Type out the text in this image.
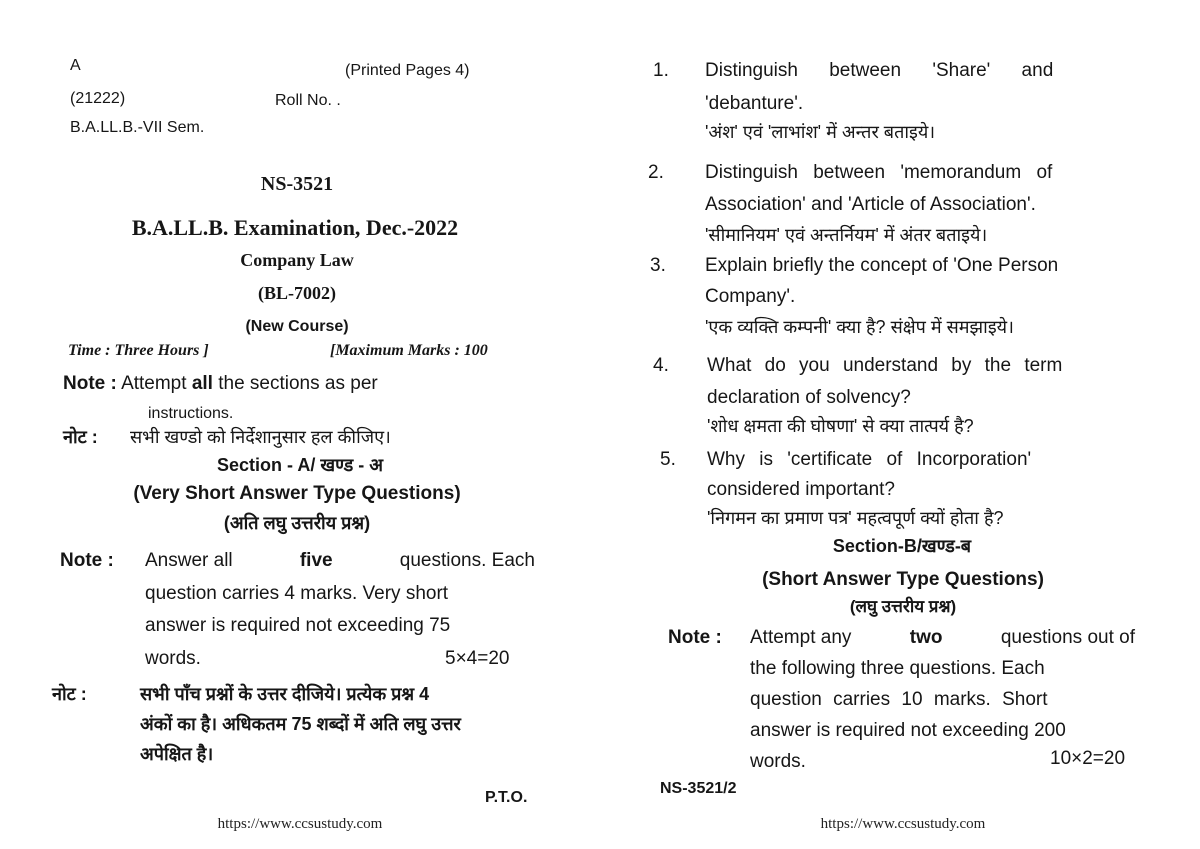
A	(Printed Pages 4)
(21222)	Roll No. .
B.A.LL.B.-VII Sem.
NS-3521
B.A.LL.B. Examination, Dec.-2022
Company Law
(BL-7002)
(New Course)
Time : Three Hours ]	[Maximum Marks : 100
Note : Attempt all the sections as per
instructions.
नोट : सभी खण्डो को निर्देशानुसार हल कीजिए।
Section - A/ खण्ड - अ
(Very Short Answer Type Questions)
(अति लघु उत्तरीय प्रश्न)
Note : Answer all	five	questions. Each
question carries 4 marks. Very short
answer is required not exceeding 75
words.	5×4=20
नोट :	सभी पाँच प्रश्नों के उत्तर दीजिये। प्रत्येक प्रश्न 4
अंकों का है। अधिकतम 75 शब्दों में अति लघु उत्तर
अपेक्षित है।
P.T.O.
https://www.ccsustudy.com
1. Distinguish between 'Share' and
'debanture'.
'अंश' एवं 'लाभांश' में अन्तर बताइये।
2. Distinguish between 'memorandum of
Association' and 'Article of Association'.
'सीमानियम' एवं अन्तर्नियम' में अंतर बताइये।
3. Explain briefly the concept of 'One Person
Company'.
'एक व्यक्ति कम्पनी' क्या है? संक्षेप में समझाइये।
4. What do you understand by the term
declaration of solvency?
'शोध क्षमता की घोषणा' से क्या तात्पर्य है?
5. Why is 'certificate of Incorporation'
considered important?
'निगमन का प्रमाण पत्र' महत्वपूर्ण क्यों होता है?
Section-B/खण्ड-ब
(Short Answer Type Questions)
(लघु उत्तरीय प्रश्न)
Note : Attempt any	two	questions out of
the following three questions. Each
question carries 10 marks. Short
answer is required not exceeding 200
words.	10×2=20
NS-3521/2
https://www.ccsustudy.com
